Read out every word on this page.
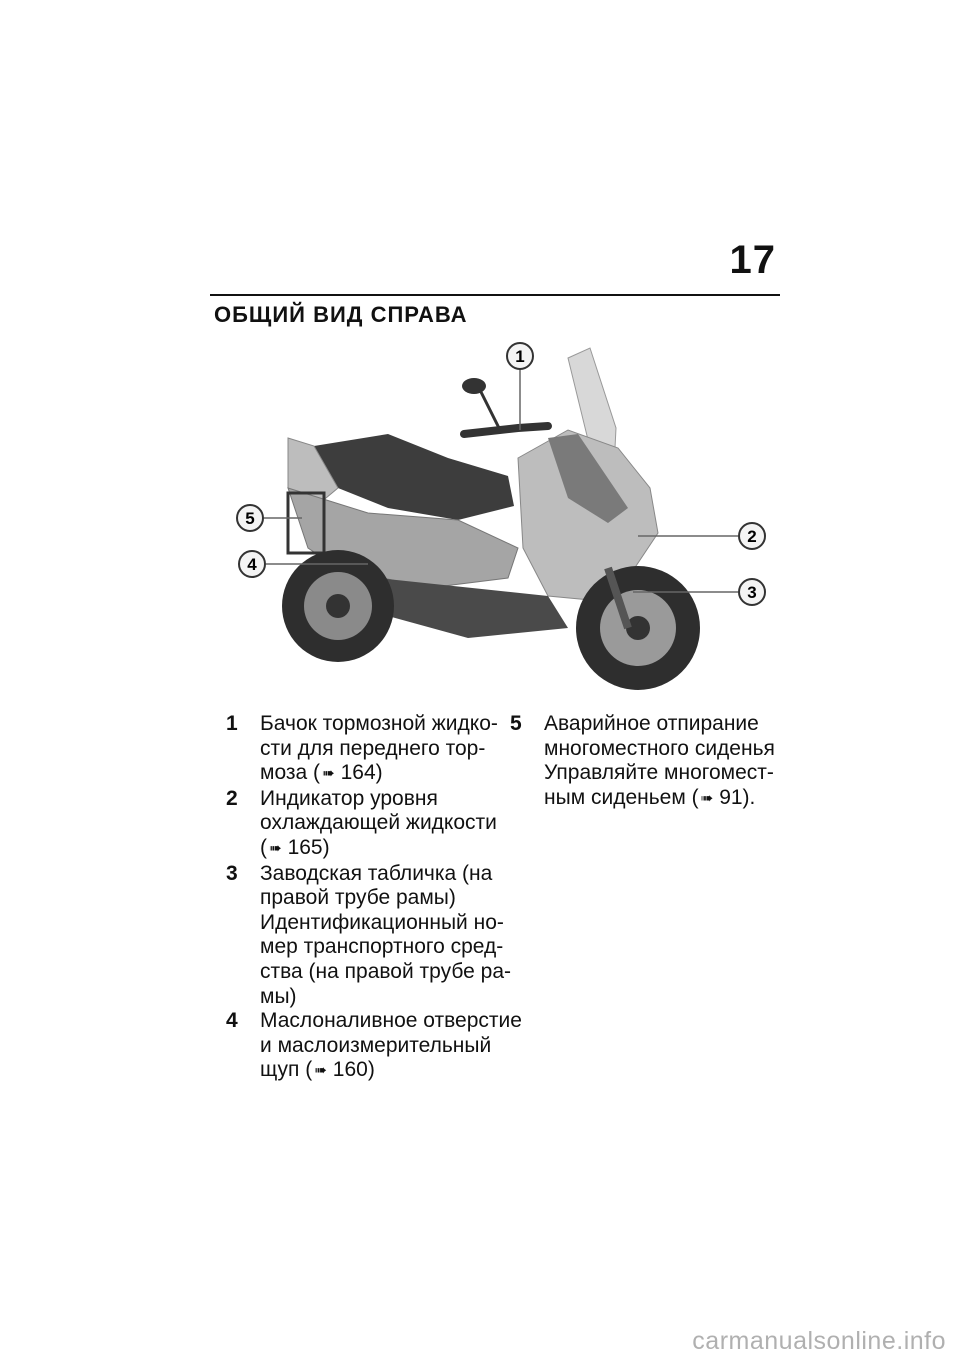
17
ОБЩИЙ ВИД СПРАВА
1
2
3
4
5
1 Бачок тормозной жидко-
сти для переднего тор-
моза ( ➠ 164)
2 Индикатор уровня
охлаждающей жидкости
( ➠ 165)
3 Заводская табличка (на
правой трубе рамы)
Идентификационный но-
мер транспортного сред-
ства (на правой трубе ра-
мы)
4 Маслоналивное отверстие
и маслоизмерительный
щуп ( ➠ 160)
5 Аварийное отпирание
многоместного сиденья
Управляйте многомест-
ным сиденьем ( ➠ 91).
carmanualsonline.info
